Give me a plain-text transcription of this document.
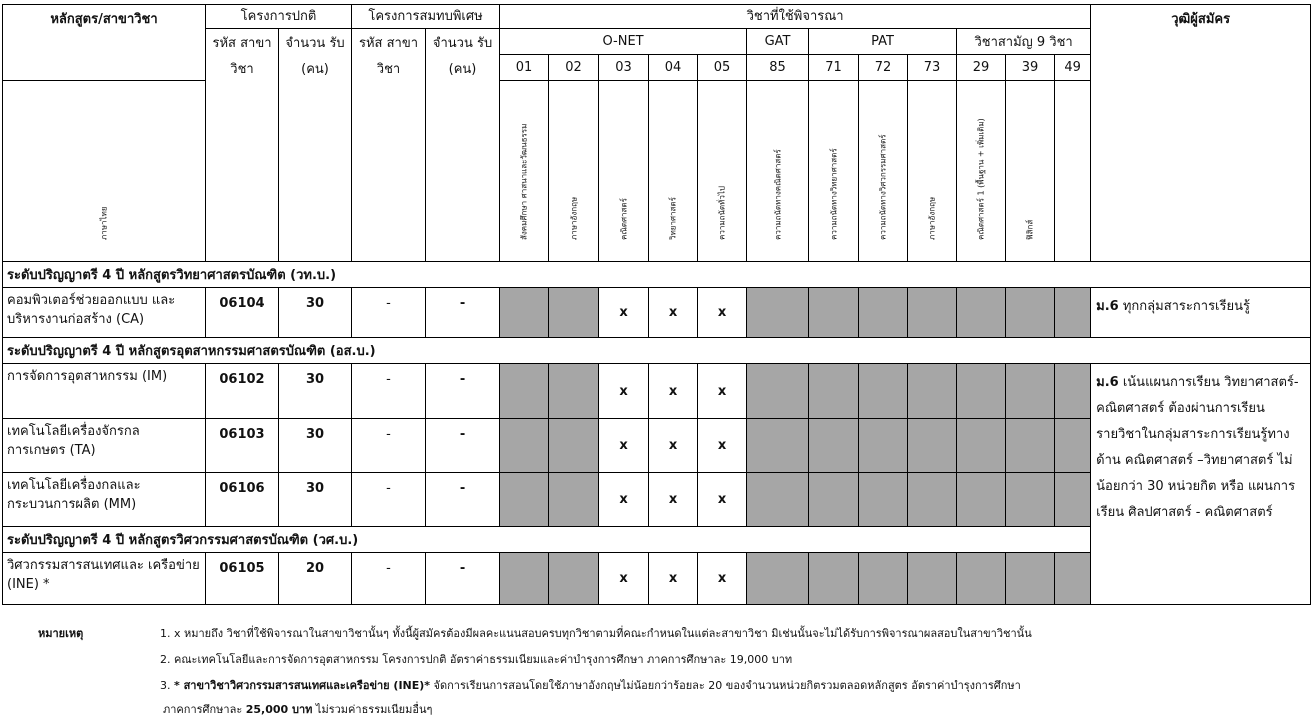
หลักสูตร/สาขาวิชา	โครงการปกติ		โครงการสมทบพิเศษ		วิชาที่ใช้พิจารณา												วุฒิผู้สมัคร
	รหัส สาขา วิชา	จำนวน รับ (คน)	รหัส สาขา วิชา	จำนวน รับ (คน)	O-NET					GAT	PAT			วิชาสามัญ 9 วิชา			
					01	02	03	04	05	85	71	72	73	29	39	49	

ภาษาไทย					สังคมศึกษา ศาสนาและวัฒนธรรม	ภาษาอังกฤษ	คณิตศาสตร์	วิทยาศาสตร์	ความถนัดทั่วไป	ความถนัดทางคณิตศาสตร์	ความถนัดทางวิทยาศาสตร์	ความถนัดทางวิศวกรรมศาสตร์	ภาษาอังกฤษ	คณิตศาสตร์ 1 (พื้นฐาน + เพิ่มเติม)	ฟิสิกส์		

ระดับปริญญาตรี 4 ปี หลักสูตรวิทยาศาสตรบัณฑิต (วท.บ.)																	
คอมพิวเตอร์ช่วยออกแบบ และบริหารงานก่อสร้าง (CA)	06104	30	-	-			x	x	x								ม.6 ทุกกลุ่มสาระการเรียนรู้
ระดับปริญญาตรี 4 ปี หลักสูตรอุตสาหกรรมศาสตรบัณฑิต (อส.บ.)																	
การจัดการอุตสาหกรรม (IM)	06102	30	-	-			x	x	x								ม.6 เน้นแผนการเรียน วิทยาศาสตร์- คณิตศาสตร์ ต้องผ่านการเรียนรายวิชาในกลุ่มสาระการเรียนรู้ทางด้าน คณิตศาสตร์ –วิทยาศาสตร์ ไม่น้อยกว่า 30 หน่วยกิต หรือ แผนการเรียน ศิลปศาสตร์ - คณิตศาสตร์
เทคโนโลยีเครื่องจักรกล การเกษตร (TA)	06103	30	-	-			x	x	x								
เทคโนโลยีเครื่องกลและ กระบวนการผลิต (MM)	06106	30	-	-			x	x	x								
ระดับปริญญาตรี 4 ปี หลักสูตรวิศวกรรมศาสตรบัณฑิต (วศ.บ.)																	
วิศวกรรมสารสนเทศและ เครือข่าย (INE) *	06105	20	-	-			x	x	x								
หมายเหตุ	1. x หมายถึง วิชาที่ใช้พิจารณาในสาขาวิชานั้นๆ ทั้งนี้ผู้สมัครต้องมีผลคะแนนสอบครบทุกวิชาตามที่คณะกำหนดในแต่ละสาขาวิชา มิเช่นนั้นจะไม่ได้รับการพิจารณาผลสอบในสาขาวิชานั้น
2. คณะเทคโนโลยีและการจัดการอุตสาหกรรม โครงการปกติ อัตราค่าธรรมเนียมและค่าบำรุงการศึกษา ภาคการศึกษาละ 19,000 บาท
3. * สาขาวิชาวิศวกรรมสารสนเทศและเครือข่าย (INE)* จัดการเรียนการสอนโดยใช้ภาษาอังกฤษไม่น้อยกว่าร้อยละ 20 ของจำนวนหน่วยกิตรวมตลอดหลักสูตร อัตราค่าบำรุงการศึกษา
ภาคการศึกษาละ 25,000 บาท ไม่รวมค่าธรรมเนียมอื่นๆ
